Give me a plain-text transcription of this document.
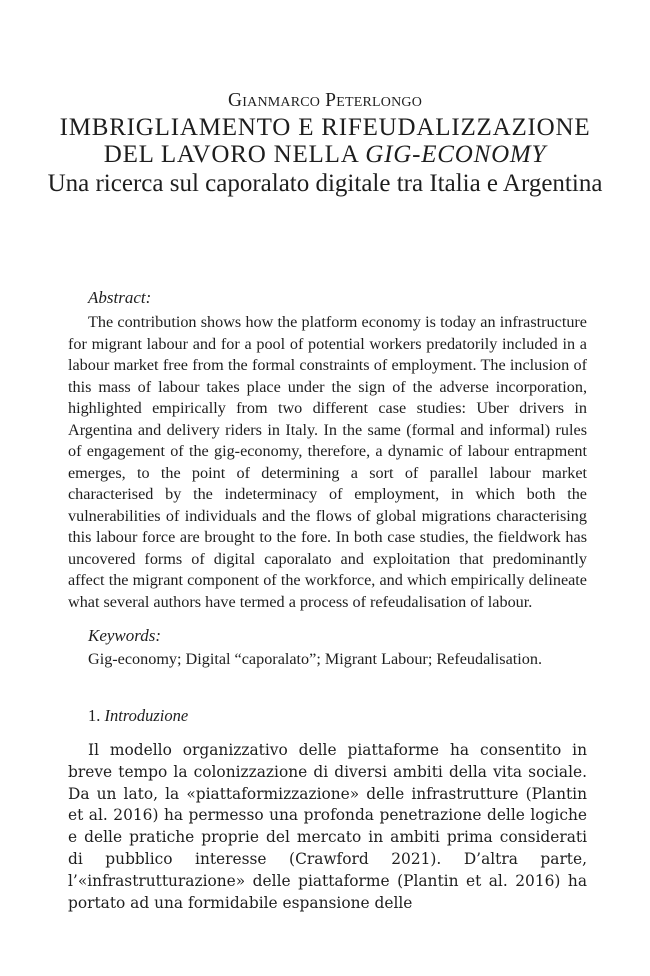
Gianmarco Peterlongo
IMBRIGLIAMENTO E RIFEUDALIZZAZIONE
DEL LAVORO NELLA GIG-ECONOMY
Una ricerca sul caporalato digitale tra Italia e Argentina
Abstract:

The contribution shows how the platform economy is today an infrastructure for migrant labour and for a pool of potential workers predatorily included in a labour market free from the formal constraints of employment. The inclusion of this mass of labour takes place under the sign of the adverse incorporation, highlighted empirically from two different case studies: Uber drivers in Argentina and delivery riders in Italy. In the same (formal and informal) rules of engagement of the gig-economy, therefore, a dynamic of labour entrapment emerges, to the point of determining a sort of parallel labour market characterised by the indeterminacy of employment, in which both the vulnerabilities of individuals and the flows of global migrations characterising this labour force are brought to the fore. In both case studies, the fieldwork has uncovered forms of digital caporalato and exploitation that predominantly affect the migrant component of the workforce, and which empirically delineate what several authors have termed a process of refeudalisation of labour.

Keywords:
Gig-economy; Digital “caporalato”; Migrant Labour; Refeudalisation.
1. Introduzione

Il modello organizzativo delle piattaforme ha consentito in breve tempo la colonizzazione di diversi ambiti della vita sociale. Da un lato, la «piattaformizzazione» delle infrastrutture (Plantin et al. 2016) ha permesso una profonda penetrazione delle logiche e delle pratiche proprie del mercato in ambiti prima considerati di pubblico interesse (Crawford 2021). D’altra parte, l’«infrastrutturazione» delle piattaforme (Plantin et al. 2016) ha portato ad una formidabile espansione delle
